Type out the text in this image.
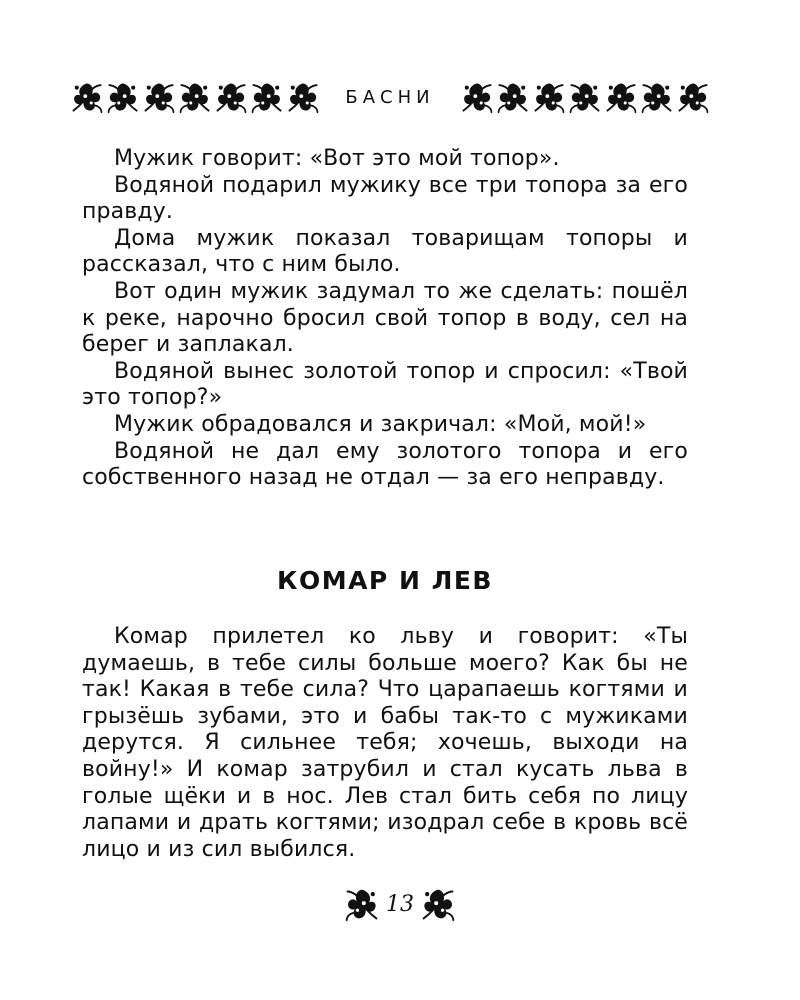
БАСНИ

Мужик говорит: «Вот это мой топор».

Водяной подарил мужику все три топора за его правду.

Дома мужик показал товарищам топоры и рассказал, что с ним было.

Вот один мужик задумал то же сделать: пошёл к реке, нарочно бросил свой топор в воду, сел на берег и заплакал.

Водяной вынес золотой топор и спросил: «Твой это топор?»

Мужик обрадовался и закричал: «Мой, мой!»

Водяной не дал ему золотого топора и его собственного назад не отдал — за его неправду.

КОМАР И ЛЕВ

Комар прилетел ко льву и говорит: «Ты думаешь, в тебе силы больше моего? Как бы не так! Какая в тебе сила? Что царапаешь когтями и грызёшь зубами, это и бабы так-то с мужиками дерутся. Я сильнее тебя; хочешь, выходи на войну!» И комар затрубил и стал кусать льва в голые щёки и в нос. Лев стал бить себя по лицу лапами и драть когтями; изодрал себе в кровь всё лицо и из сил выбился.

13
